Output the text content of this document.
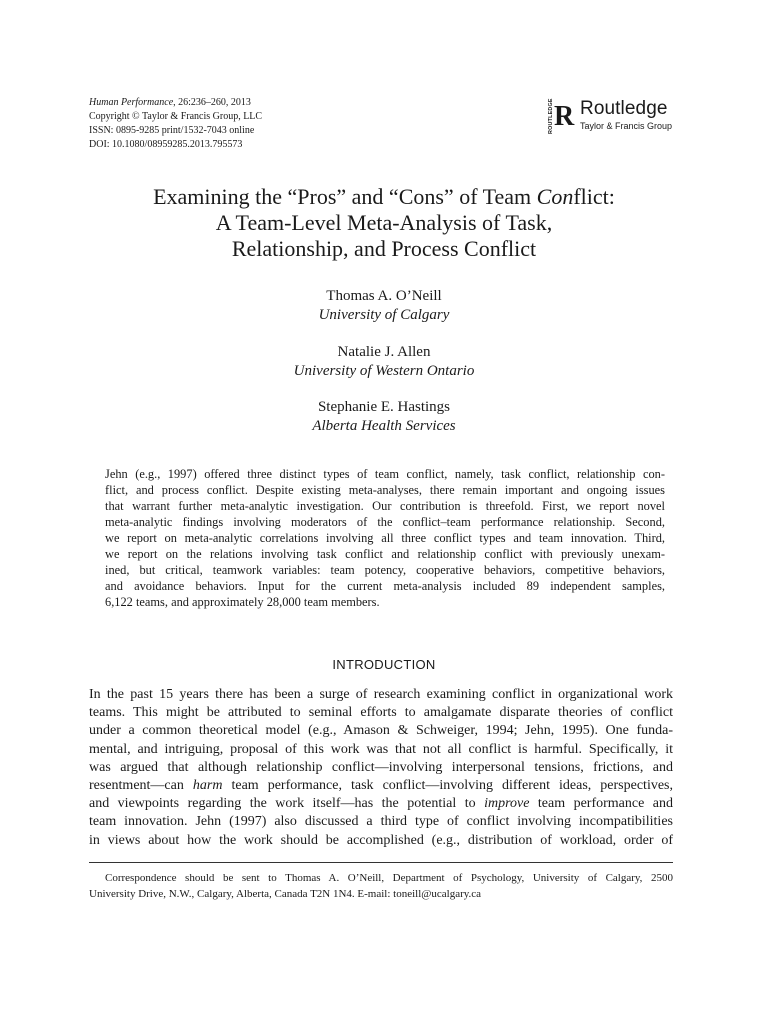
Human Performance, 26:236–260, 2013
Copyright © Taylor & Francis Group, LLC
ISSN: 0895-9285 print/1532-7043 online
DOI: 10.1080/08959285.2013.795573
ROUTLEDGE R Routledge
Taylor & Francis Group
Examining the “Pros” and “Cons” of Team Conflict:
A Team-Level Meta-Analysis of Task,
Relationship, and Process Conflict
Thomas A. O’Neill
University of Calgary
Natalie J. Allen
University of Western Ontario
Stephanie E. Hastings
Alberta Health Services
Jehn (e.g., 1997) offered three distinct types of team conflict, namely, task conflict, relationship con-
flict, and process conflict. Despite existing meta-analyses, there remain important and ongoing issues
that warrant further meta-analytic investigation. Our contribution is threefold. First, we report novel
meta-analytic findings involving moderators of the conflict–team performance relationship. Second,
we report on meta-analytic correlations involving all three conflict types and team innovation. Third,
we report on the relations involving task conflict and relationship conflict with previously unexam-
ined, but critical, teamwork variables: team potency, cooperative behaviors, competitive behaviors,
and avoidance behaviors. Input for the current meta-analysis included 89 independent samples,
6,122 teams, and approximately 28,000 team members.
INTRODUCTION
In the past 15 years there has been a surge of research examining conflict in organizational work
teams. This might be attributed to seminal efforts to amalgamate disparate theories of conflict
under a common theoretical model (e.g., Amason & Schweiger, 1994; Jehn, 1995). One funda-
mental, and intriguing, proposal of this work was that not all conflict is harmful. Specifically, it
was argued that although relationship conflict—involving interpersonal tensions, frictions, and
resentment—can harm team performance, task conflict—involving different ideas, perspectives,
and viewpoints regarding the work itself—has the potential to improve team performance and
team innovation. Jehn (1997) also discussed a third type of conflict involving incompatibilities
in views about how the work should be accomplished (e.g., distribution of workload, order of
Correspondence should be sent to Thomas A. O’Neill, Department of Psychology, University of Calgary, 2500
University Drive, N.W., Calgary, Alberta, Canada T2N 1N4. E-mail: toneill@ucalgary.ca
